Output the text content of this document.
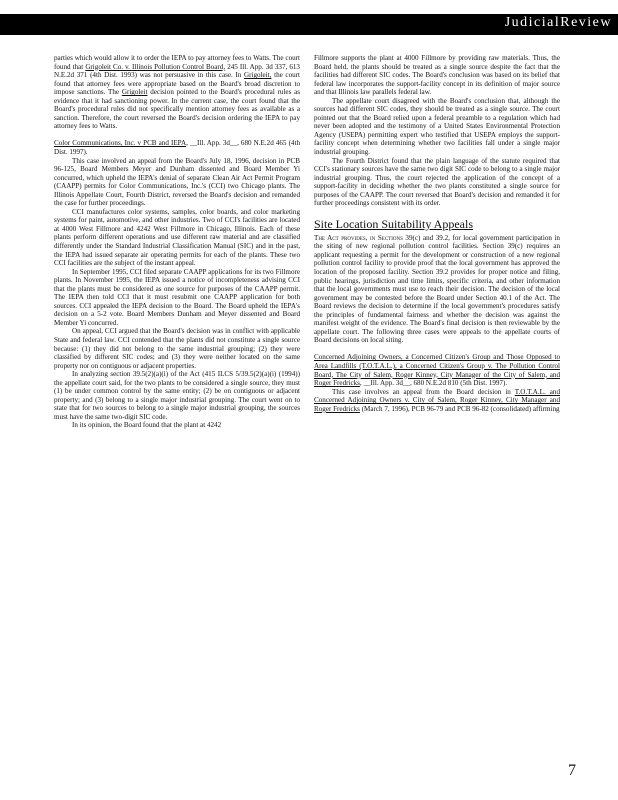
JudicialReview

parties which would allow it to order the IEPA to pay attorney fees to Watts. The court found that Grigoleit Co. v. Illinois Pollution Control Board, 245 Ill. App. 3d 337, 613 N.E.2d 371 (4th Dist. 1993) was not persuasive in this case. In Grigoleit, the court found that attorney fees were appropriate based on the Board's broad discretion to impose sanctions. The Grigoleit decision pointed to the Board's procedural rules as evidence that it had sanctioning power. In the current case, the court found that the Board's procedural rules did not specifically mention attorney fees as available as a sanction. Therefore, the court reversed the Board's decision ordering the IEPA to pay attorney fees to Watts.

Color Communications, Inc. v PCB and IEPA, __Ill. App. 3d__, 680 N.E.2d 465 (4th Dist. 1997).

This case involved an appeal from the Board's July 18, 1996, decision in PCB 96-125, Board Members Meyer and Dunham dissented and Board Member Yi concurred, which upheld the IEPA's denial of separate Clean Air Act Permit Program (CAAPP) permits for Color Communications, Inc.'s (CCI) two Chicago plants. The Illinois Appellate Court, Fourth District, reversed the Board's decision and remanded the case for further proceedings.

CCI manufactures color systems, samples, color boards, and color marketing systems for paint, automotive, and other industries. Two of CCI's facilities are located at 4000 West Fillmore and 4242 West Fillmore in Chicago, Illinois. Each of these plants perform different operations and use different raw material and are classified differently under the Standard Industrial Classification Manual (SIC) and in the past, the IEPA had issued separate air operating permits for each of the plants. These two CCI facilities are the subject of the instant appeal.

In September 1995, CCI filed separate CAAPP applications for its two Fillmore plants. In November 1995, the IEPA issued a notice of incompleteness advising CCI that the plants must be considered as one source for purposes of the CAAPP permit. The IEPA then told CCI that it must resubmit one CAAPP application for both sources. CCI appealed the IEPA decision to the Board. The Board upheld the IEPA's decision on a 5-2 vote. Board Members Dunham and Meyer dissented and Board Member Yi concurred.

On appeal, CCI argued that the Board's decision was in conflict with applicable State and federal law. CCI contended that the plants did not constitute a single source because: (1) they did not belong to the same industrial grouping; (2) they were classified by different SIC codes; and (3) they were neither located on the same property nor on contiguous or adjacent properties.

In analyzing section 39.5(2)(a)(i) of the Act (415 ILCS 5/39.5(2)(a)(i) (1994)) the appellate court said, for the two plants to be considered a single source, they must (1) be under common control by the same entity; (2) be on contiguous or adjacent property; and (3) belong to a single major industrial grouping. The court went on to state that for two sources to belong to a single major industrial grouping, the sources must have the same two-digit SIC code.

In its opinion, the Board found that the plant at 4242

Fillmore supports the plant at 4000 Fillmore by providing raw materials. Thus, the Board held, the plants should be treated as a single source despite the fact that the facilities had different SIC codes. The Board's conclusion was based on its belief that federal law incorporates the support-facility concept in its definition of major source and that Illinois law parallels federal law.

The appellate court disagreed with the Board's conclusion that, although the sources had different SIC codes, they should be treated as a single source. The court pointed out that the Board relied upon a federal preamble to a regulation which had never been adopted and the testimony of a United States Environmental Protection Agency (USEPA) permitting expert who testified that USEPA employs the support-facility concept when determining whether two facilities fall under a single major industrial grouping.

The Fourth District found that the plain language of the statute required that CCI's stationary sources have the same two digit SIC code to belong to a single major industrial grouping. Thus, the court rejected the application of the concept of a support-facility in deciding whether the two plants constituted a single source for purposes of the CAAPP. The court reversed that Board's decision and remanded it for further proceedings consistent with its order.

Site Location Suitability Appeals

The Act provides, in Sections 39(c) and 39.2, for local government participation in the siting of new regional pollution control facilities. Section 39(c) requires an applicant requesting a permit for the development or construction of a new regional pollution control facility to provide proof that the local government has approved the location of the proposed facility. Section 39.2 provides for proper notice and filing, public hearings, jurisdiction and time limits, specific criteria, and other information that the local governments must use to reach their decision. The decision of the local government may be contested before the Board under Section 40.1 of the Act. The Board reviews the decision to determine if the local government's procedures satisfy the principles of fundamental fairness and whether the decision was against the manifest weight of the evidence. The Board's final decision is then reviewable by the appellate court. The following three cases were appeals to the appellate courts of Board decisions on local siting.

Concerned Adjoining Owners, a Concerned Citizen's Group and Those Opposed to Area Landfills (T.O.T.A.L.), a Concerned Citizen's Group v. The Pollution Control Board, The City of Salem, Roger Kinney, City Manager of the City of Salem, and Roger Fredricks, __Ill. App. 3d__, 680 N.E.2d 810 (5th Dist. 1997).

This case involves an appeal from the Board decision in T.O.T.A.L. and Concerned Adjoining Owners v. City of Salem, Roger Kinney, City Manager and Roger Fredricks (March 7, 1996), PCB 96-79 and PCB 96-82 (consolidated) affirming

7
